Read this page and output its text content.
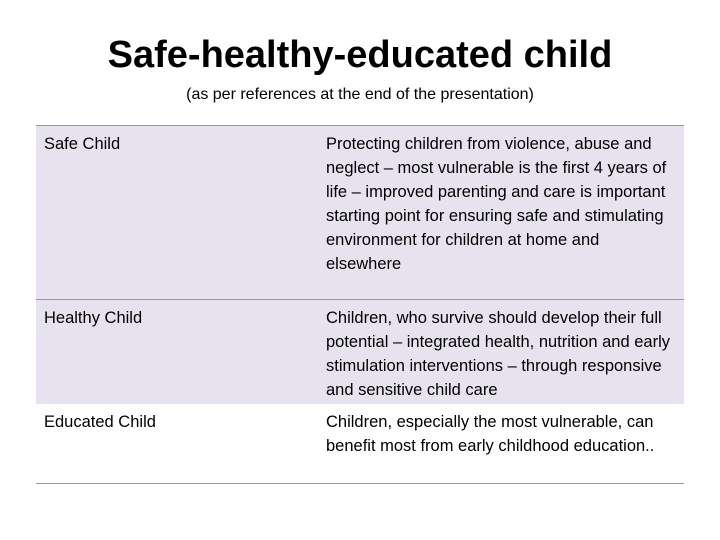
Safe-healthy-educated child
(as per references at the end of the presentation)
Safe Child	Protecting children from violence, abuse and neglect – most vulnerable is the first 4 years of life – improved parenting and care is important starting point for ensuring safe and stimulating environment for children at home and elsewhere
Healthy Child	Children, who survive should develop their full potential – integrated health, nutrition and early stimulation interventions – through responsive and sensitive child care
Educated Child	Children, especially the most vulnerable, can benefit most from early childhood education..
